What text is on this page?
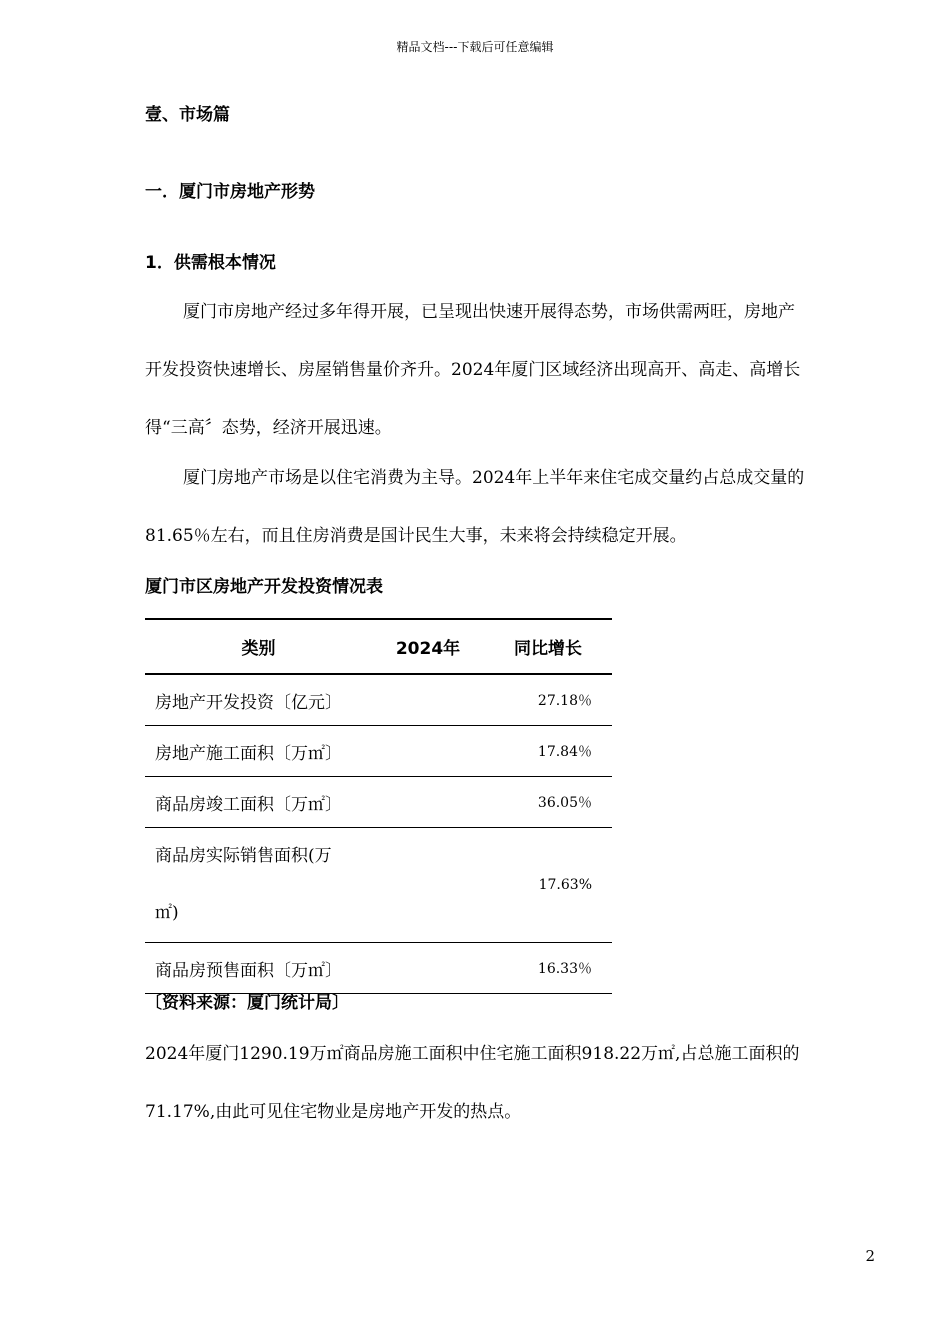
精品文档---下载后可任意编辑
壹、市场篇
一．厦门市房地产形势
1．供需根本情况
厦门市房地产经过多年得开展，已呈现出快速开展得态势，市场供需两旺，房地产
开发投资快速增长、房屋销售量价齐升。2024年厦门区域经济出现高开、高走、高增长
得“三高〞态势，经济开展迅速。
厦门房地产市场是以住宅消费为主导。2024年上半年来住宅成交量约占总成交量的
81.65％左右，而且住房消费是国计民生大事，未来将会持续稳定开展。
厦门市区房地产开发投资情况表
类别	2024年	同比增长
房地产开发投资〔亿元〕		27.18％
房地产施工面积〔万㎡〕		17.84％
商品房竣工面积〔万㎡〕		36.05％

商品房实际销售面积(万
㎡)		17.63%
商品房预售面积〔万㎡〕		16.33％
〔资料来源：厦门统计局〕
2024年厦门1290.19万㎡商品房施工面积中住宅施工面积918.22万㎡,占总施工面积的
71.17%,由此可见住宅物业是房地产开发的热点。
2
